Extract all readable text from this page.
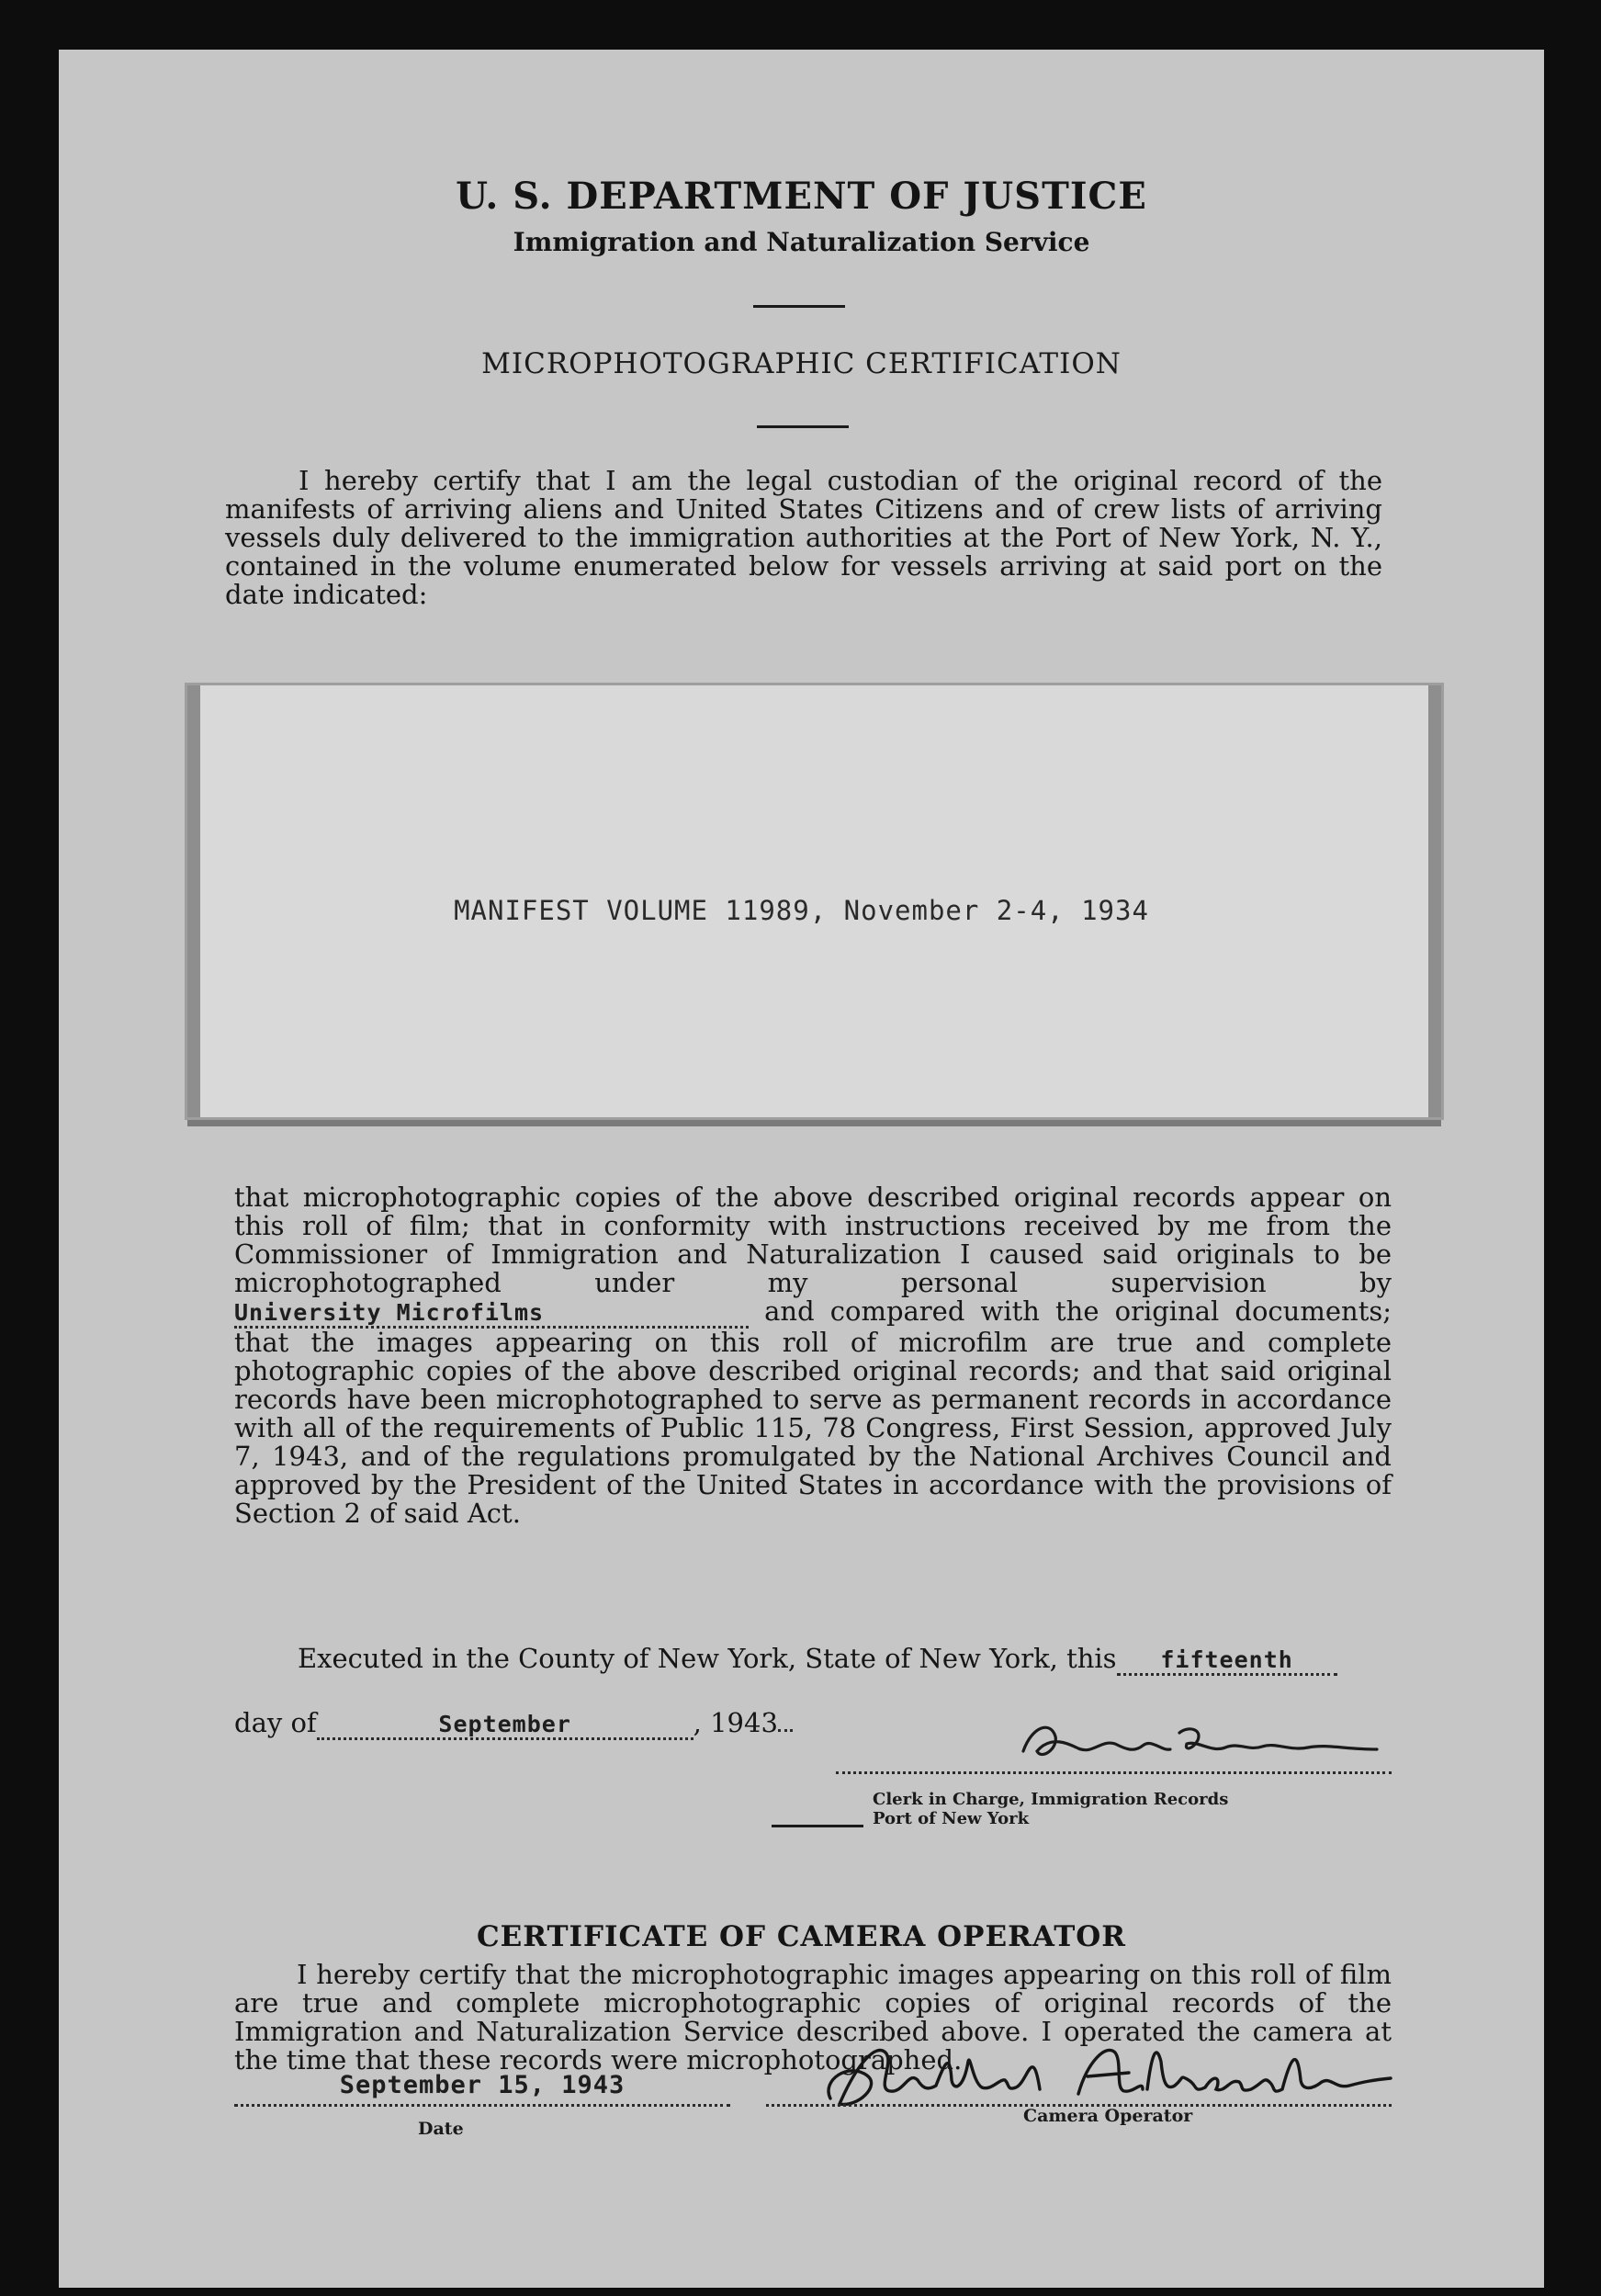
U. S. DEPARTMENT OF JUSTICE
Immigration and Naturalization Service
MICROPHOTOGRAPHIC CERTIFICATION
I hereby certify that I am the legal custodian of the original record of the manifests of arriving aliens and United States Citizens and of crew lists of arriving vessels duly delivered to the immigration authorities at the Port of New York, N. Y., contained in the volume enumerated below for vessels arriving at said port on the date indicated:
MANIFEST VOLUME 11989, November 2-4, 1934
that microphotographic copies of the above described original records appear on this roll of film; that in conformity with instructions received by me from the Commissioner of Immigration and Naturalization I caused said originals to be microphotographed under my personal supervision by University Microfilms	and compared with the original documents; that the images appearing on this roll of microfilm are true and complete photographic copies of the above described original records; and that said original records have been microphotographed to serve as permanent records in accordance with all of the requirements of Public 115, 78 Congress, First Session, approved July 7, 1943, and of the regulations promulgated by the National Archives Council and approved by the President of the United States in accordance with the provisions of Section 2 of said Act.
Executed in the County of New York, State of New York, this fifteenth
day of	September	, 1943
Clerk in Charge, Immigration Records
Port of New York
CERTIFICATE OF CAMERA OPERATOR
I hereby certify that the microphotographic images appearing on this roll of film are true and complete microphotographic copies of original records of the Immigration and Naturalization Service described above. I operated the camera at the time that these records were microphotographed.
September 15, 1943
Date
Camera Operator
